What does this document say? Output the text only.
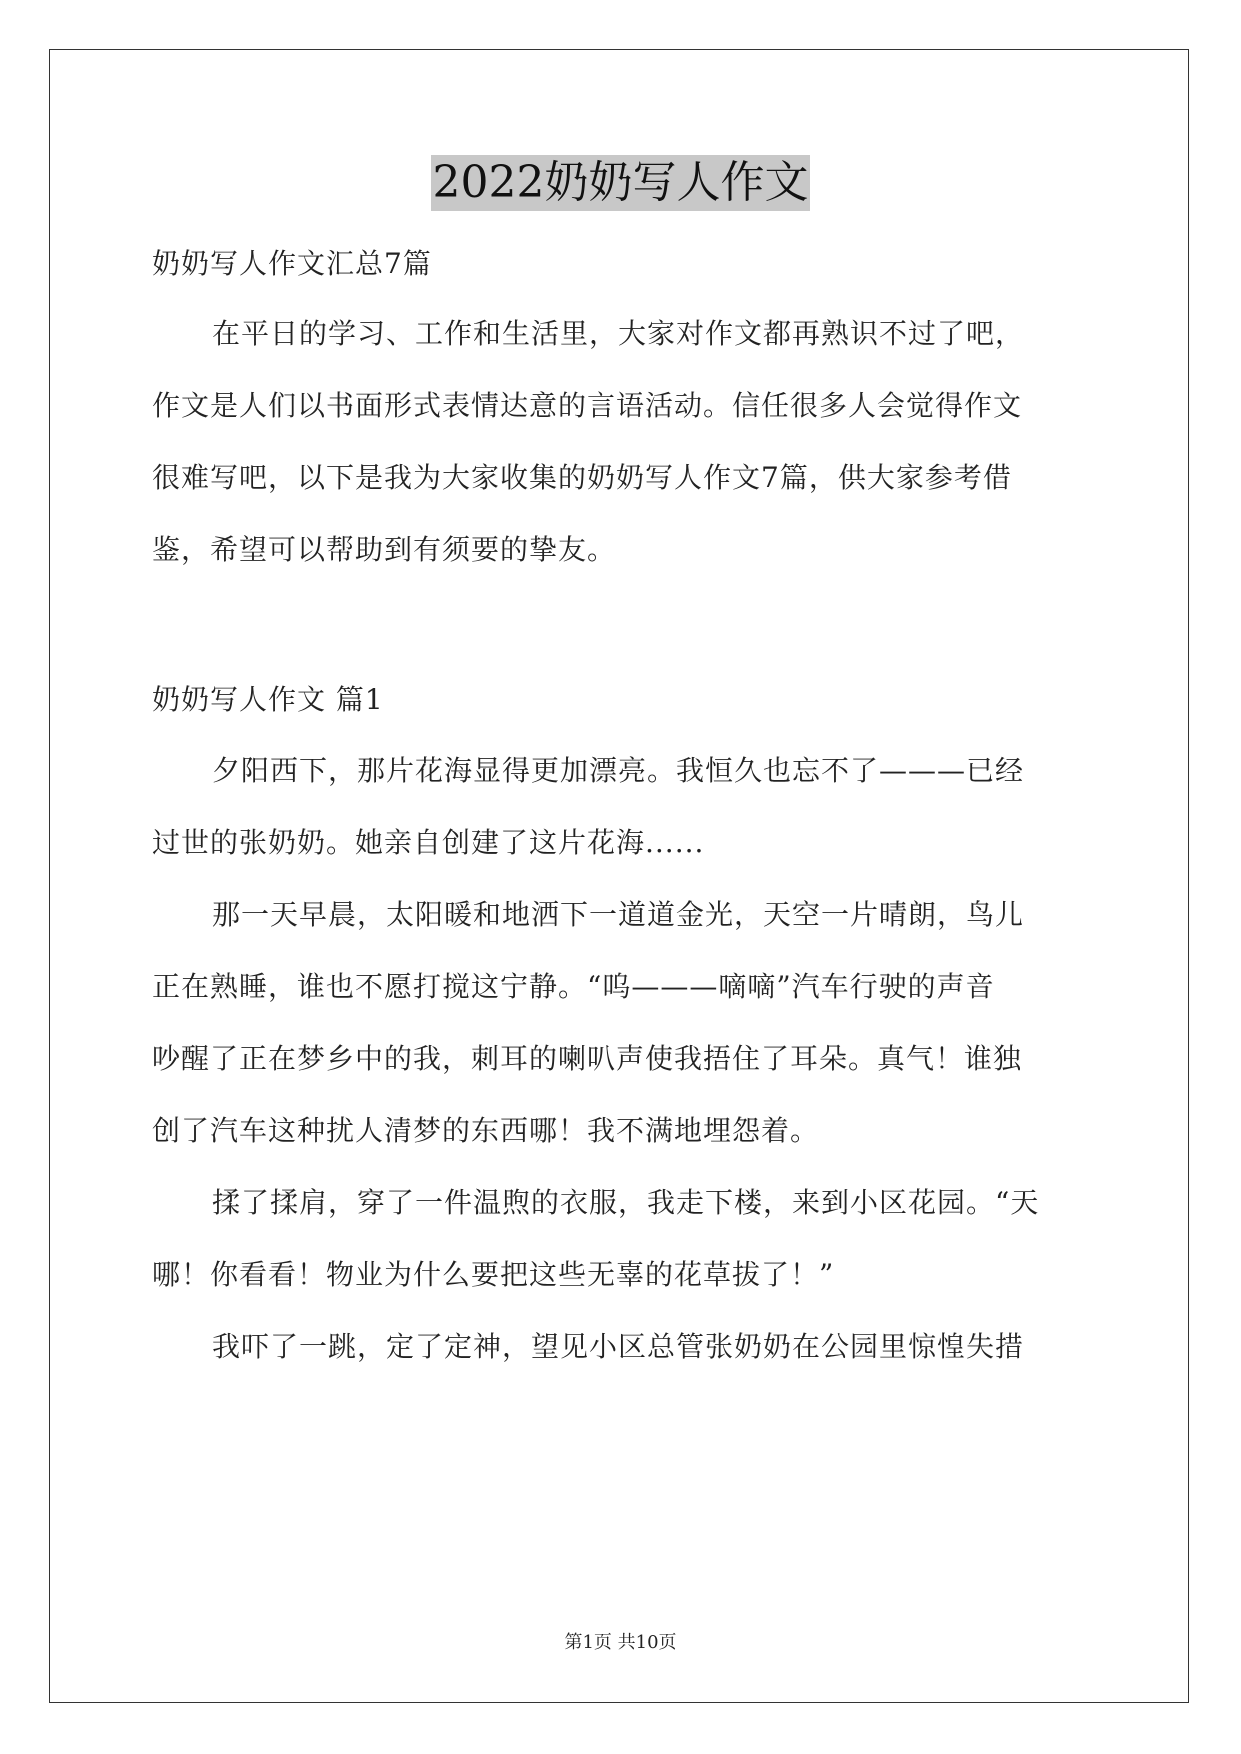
2022奶奶写人作文
奶奶写人作文汇总7篇
在平日的学习、工作和生活里，大家对作文都再熟识不过了吧，
作文是人们以书面形式表情达意的言语活动。信任很多人会觉得作文
很难写吧，以下是我为大家收集的奶奶写人作文7篇，供大家参考借
鉴，希望可以帮助到有须要的挚友。
奶奶写人作文 篇1
夕阳西下，那片花海显得更加漂亮。我恒久也忘不了———已经
过世的张奶奶。她亲自创建了这片花海......
那一天早晨，太阳暖和地洒下一道道金光，天空一片晴朗，鸟儿
正在熟睡，谁也不愿打搅这宁静。“呜———嘀嘀”汽车行驶的声音
吵醒了正在梦乡中的我，刺耳的喇叭声使我捂住了耳朵。真气！谁独
创了汽车这种扰人清梦的东西哪！我不满地埋怨着。
揉了揉肩，穿了一件温煦的衣服，我走下楼，来到小区花园。“天
哪！你看看！物业为什么要把这些无辜的花草拔了！”
我吓了一跳，定了定神，望见小区总管张奶奶在公园里惊惶失措
第1页 共10页
